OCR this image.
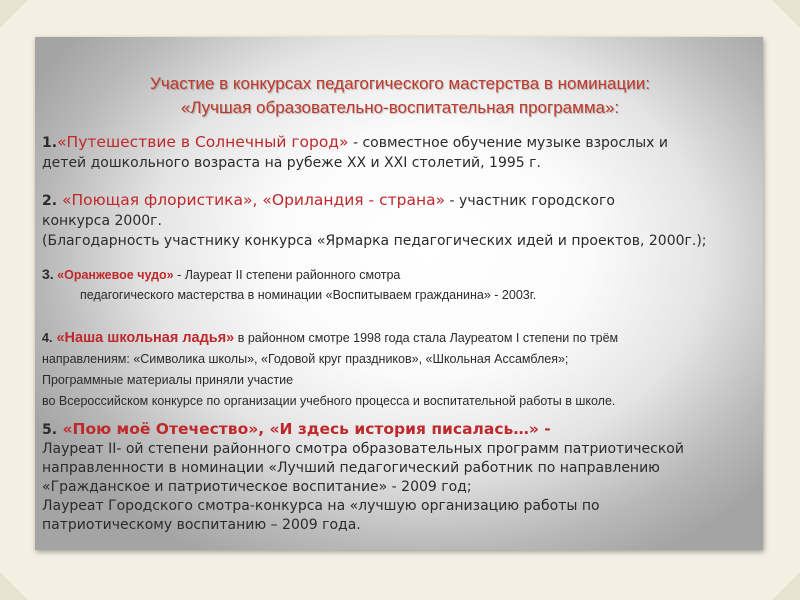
Участие в конкурсах педагогического мастерства в номинации:
«Лучшая образовательно-воспитательная программа»:
1.«Путешествие в Солнечный город» - совместное обучение музыке взрослых и
детей дошкольного возраста на рубеже XX и XXI столетий, 1995 г.
2. «Поющая флористика», «Ориландия - страна» - участник городского
конкурса 2000г.
(Благодарность участнику конкурса «Ярмарка педагогических идей и проектов, 2000г.);
3. «Оранжевое чудо» - Лауреат II степени районного смотра
педагогического мастерства в номинации «Воспитываем гражданина» - 2003г.
4. «Наша школьная ладья» в районном смотре 1998 года стала Лауреатом I степени по трём
направлениям: «Символика школы», «Годовой круг праздников», «Школьная Ассамблея»;
Программные материалы приняли участие
во Всероссийском конкурсе по организации учебного процесса и воспитательной работы в школе.
5. «Пою моё Отечество», «И здесь история писалась…» -
Лауреат II- ой степени районного смотра образовательных программ патриотической
направленности в номинации «Лучший педагогический работник по направлению
«Гражданское и патриотическое воспитание» - 2009 год;
Лауреат Городского смотра-конкурса на «лучшую организацию работы по
патриотическому воспитанию – 2009 года.
